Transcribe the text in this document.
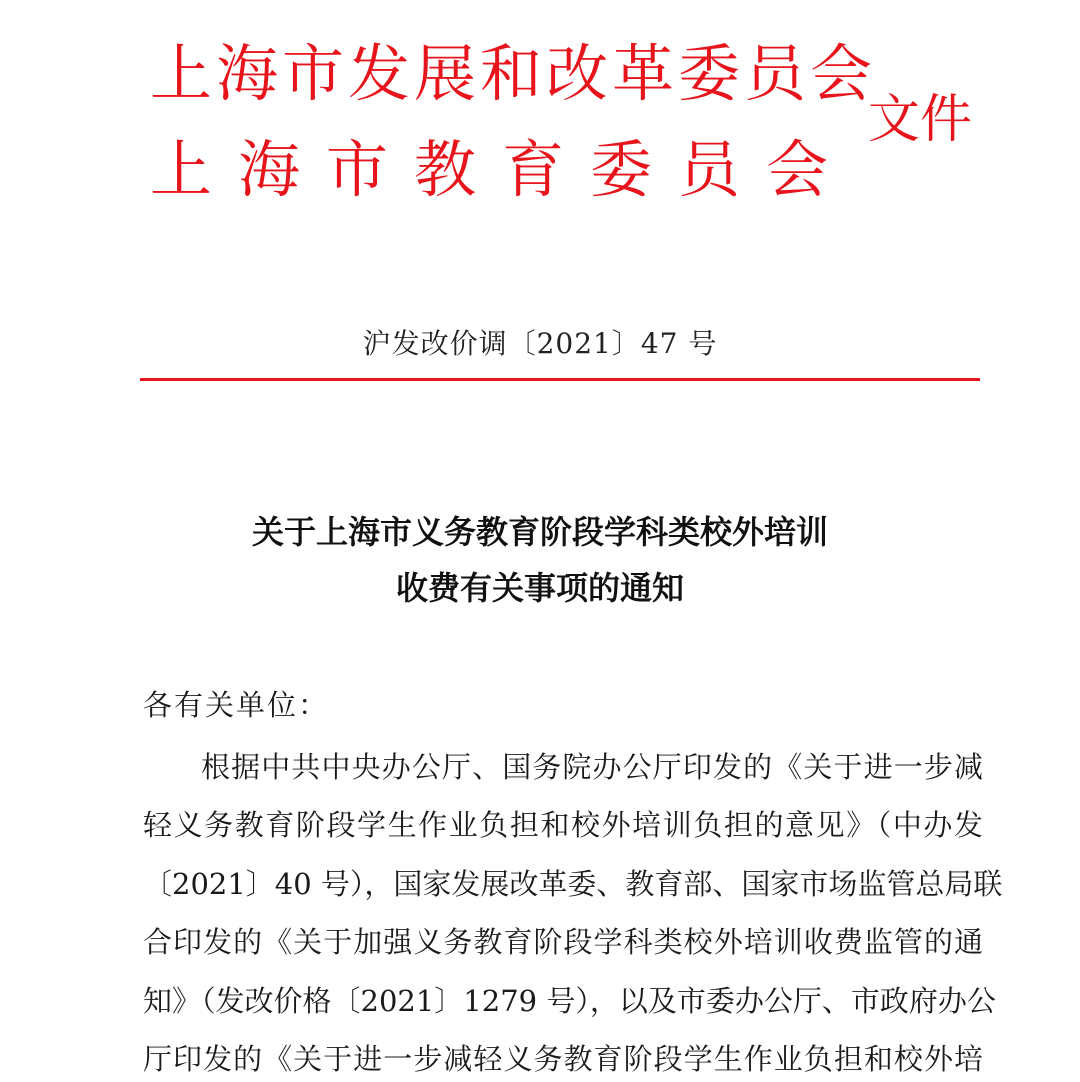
上海市发展和改革委员会
上海市教育委员会
文件
沪发改价调〔2021〕47 号
关于上海市义务教育阶段学科类校外培训
收费有关事项的通知
各有关单位：
根据中共中央办公厅、国务院办公厅印发的《关于进一步减
轻义务教育阶段学生作业负担和校外培训负担的意见》（中办发
〔2021〕40 号），国家发展改革委、教育部、国家市场监管总局联
合印发的《关于加强义务教育阶段学科类校外培训收费监管的通
知》（发改价格〔2021〕1279 号），以及市委办公厅、市政府办公
厅印发的《关于进一步减轻义务教育阶段学生作业负担和校外培
